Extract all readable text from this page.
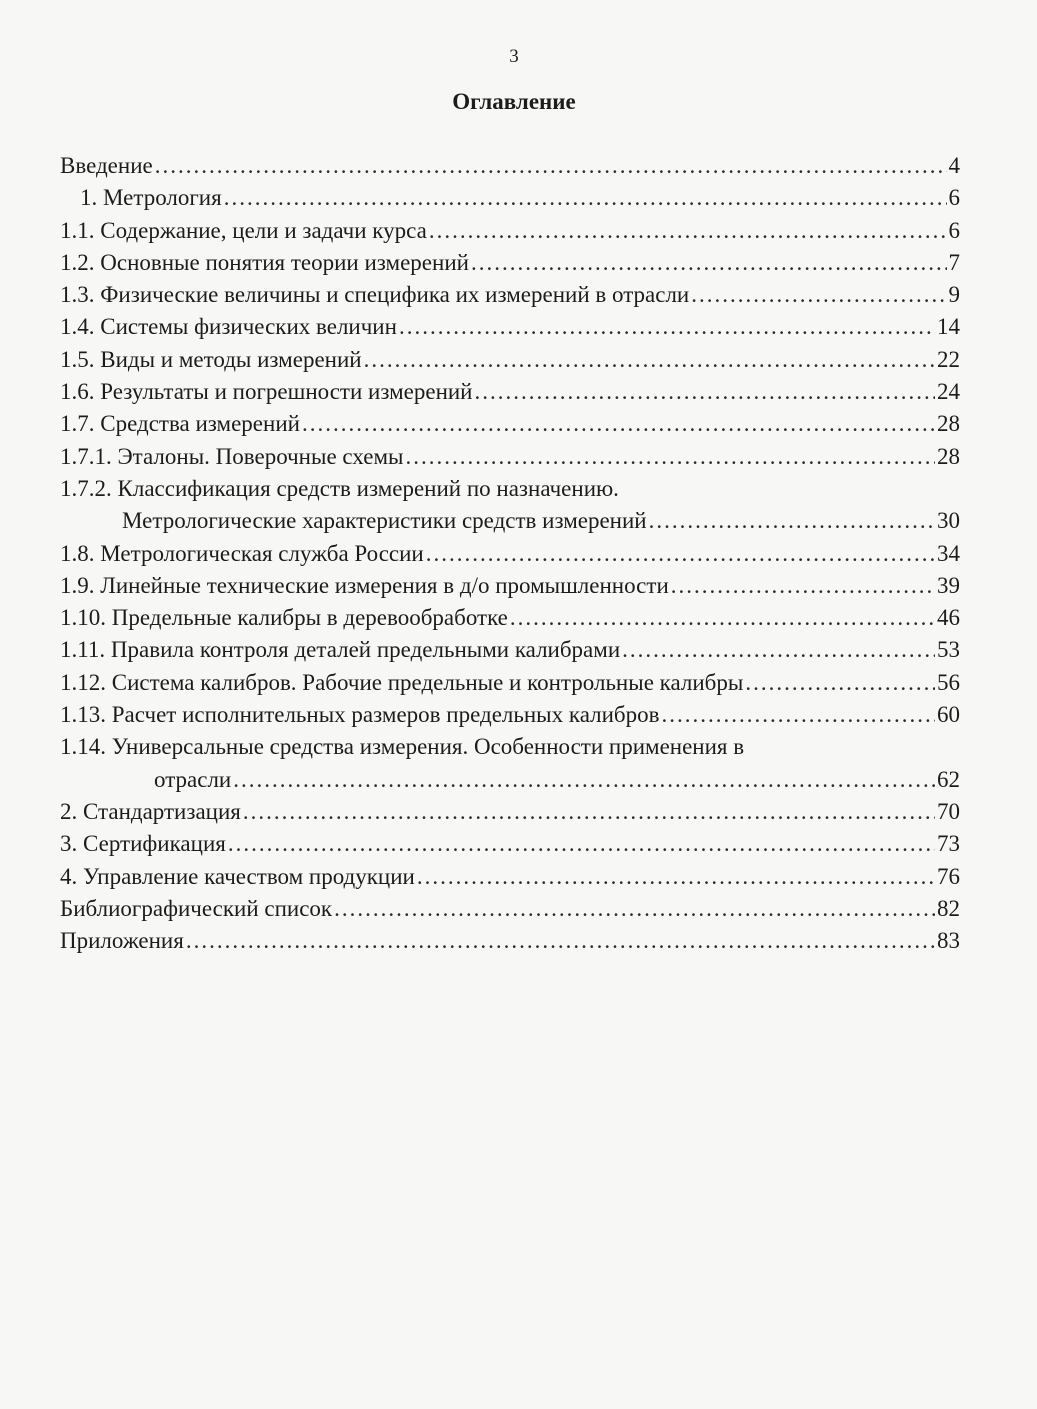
3
Оглавление
Введение .....	4
1. Метрология .....	6
1.1. Содержание, цели и задачи курса .....	6
1.2. Основные понятия теории измерений .....	7
1.3. Физические величины и специфика их измерений в отрасли .....	9
1.4. Системы физических величин .....	14
1.5. Виды и методы измерений .....	22
1.6. Результаты и погрешности измерений .....	24
1.7. Средства измерений .....	28
1.7.1. Эталоны. Поверочные схемы .....	28
1.7.2. Классификация средств измерений по назначению.
Метрологические характеристики средств измерений .....	30
1.8. Метрологическая служба России .....	34
1.9. Линейные технические измерения в д/о промышленности .....	39
1.10. Предельные калибры в деревообработке .....	46
1.11. Правила контроля деталей предельными калибрами .....	53
1.12. Система калибров. Рабочие предельные и контрольные калибры .....	56
1.13. Расчет исполнительных размеров предельных калибров .....	60
1.14. Универсальные средства измерения. Особенности применения в
отрасли .....	62
2. Стандартизация .....	70
3. Сертификация .....	73
4. Управление качеством продукции .....	76
Библиографический список .....	82
Приложения .....	83
